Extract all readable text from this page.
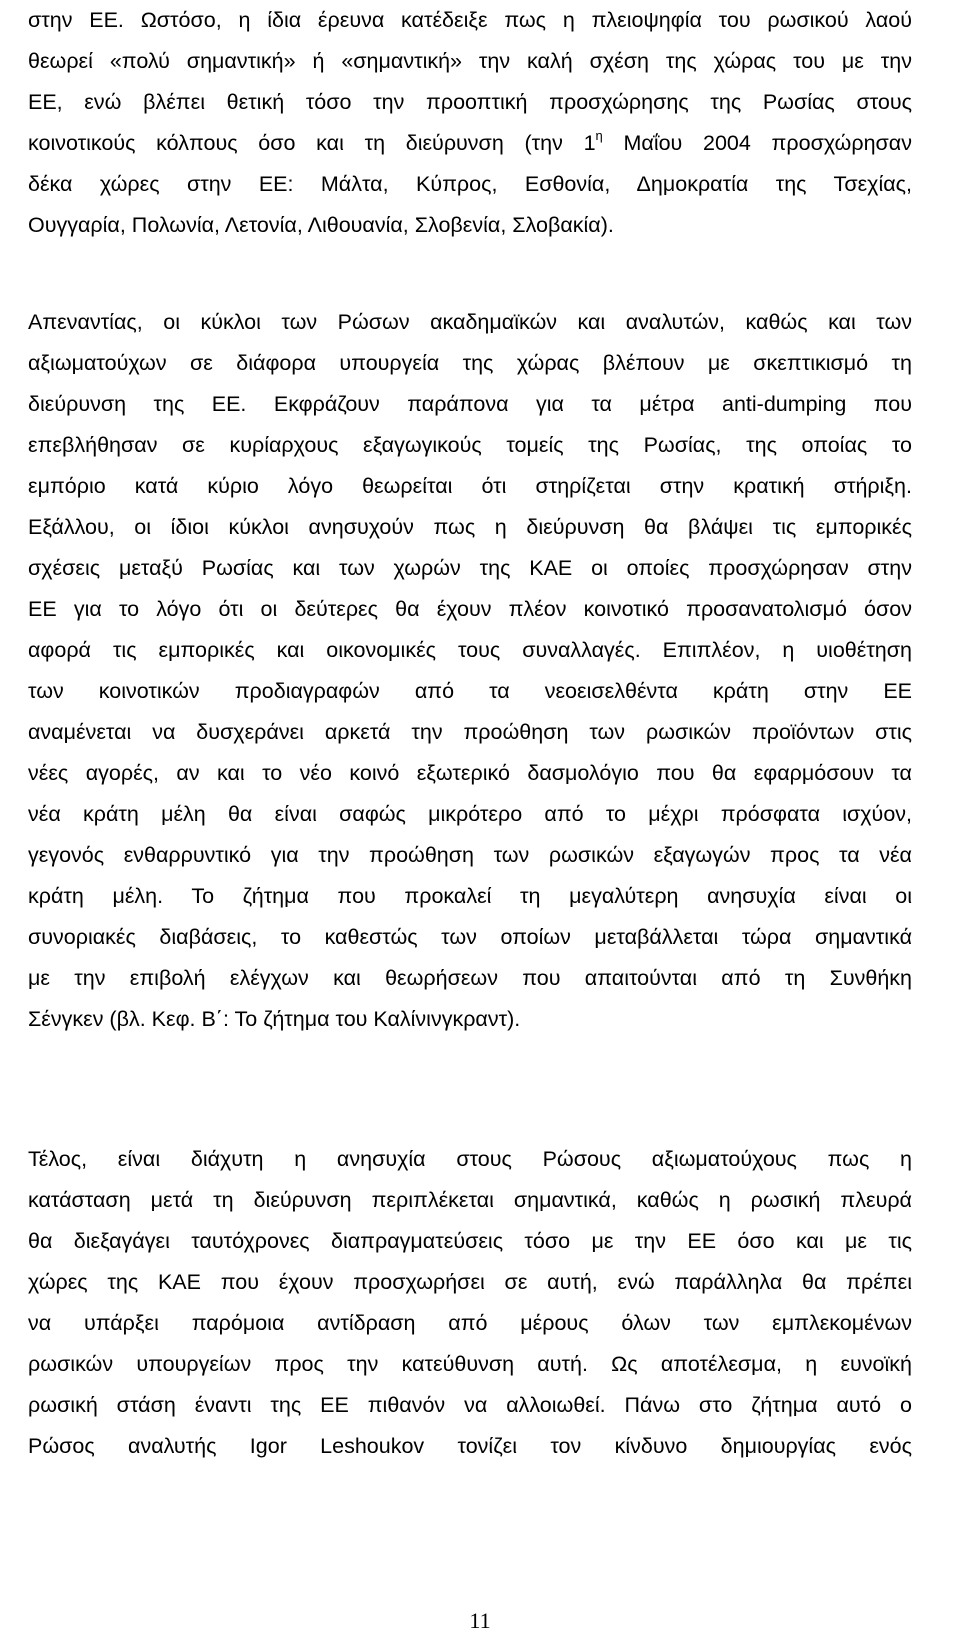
στην ΕΕ. Ωστόσο, η ίδια έρευνα κατέδειξε πως η πλειοψηφία του ρωσικού λαού
θεωρεί «πολύ σημαντική» ή «σημαντική» την καλή σχέση της χώρας του με την
ΕΕ, ενώ βλέπει θετική τόσο την προοπτική προσχώρησης της Ρωσίας στους
κοινοτικούς κόλπους όσο και τη διεύρυνση (την $1^\eta$ Μαΐου 2004 προσχώρησαν
δέκα χώρες στην ΕΕ: Μάλτα, Κύπρος, Εσθονία, Δημοκρατία της Τσεχίας,
Ουγγαρία, Πολωνία, Λετονία, Λιθουανία, Σλοβενία, Σλοβακία).
Απεναντίας, οι κύκλοι των Ρώσων ακαδημαϊκών και αναλυτών, καθώς και των
αξιωματούχων σε διάφορα υπουργεία της χώρας βλέπουν με σκεπτικισμό τη
διεύρυνση της ΕΕ. Εκφράζουν παράπονα για τα μέτρα anti-dumping που
επεβλήθησαν σε κυρίαρχους εξαγωγικούς τομείς της Ρωσίας, της οποίας το
εμπόριο κατά κύριο λόγο θεωρείται ότι στηρίζεται στην κρατική στήριξη.
Εξάλλου, οι ίδιοι κύκλοι ανησυχούν πως η διεύρυνση θα βλάψει τις εμπορικές
σχέσεις μεταξύ Ρωσίας και των χωρών της ΚΑΕ οι οποίες προσχώρησαν στην
ΕΕ για το λόγο ότι οι δεύτερες θα έχουν πλέον κοινοτικό προσανατολισμό όσον
αφορά τις εμπορικές και οικονομικές τους συναλλαγές. Επιπλέον, η υιοθέτηση
των κοινοτικών προδιαγραφών από τα νεοεισελθέντα κράτη στην ΕΕ
αναμένεται να δυσχεράνει αρκετά την προώθηση των ρωσικών προϊόντων στις
νέες αγορές, αν και το νέο κοινό εξωτερικό δασμολόγιο που θα εφαρμόσουν τα
νέα κράτη μέλη θα είναι σαφώς μικρότερο από το μέχρι πρόσφατα ισχύον,
γεγονός ενθαρρυντικό για την προώθηση των ρωσικών εξαγωγών προς τα νέα
κράτη μέλη. Το ζήτημα που προκαλεί τη μεγαλύτερη ανησυχία είναι οι
συνοριακές διαβάσεις, το καθεστώς των οποίων μεταβάλλεται τώρα σημαντικά
με την επιβολή ελέγχων και θεωρήσεων που απαιτούνται από τη Συνθήκη
Σένγκεν (βλ. Κεφ. Β΄: Το ζήτημα του Καλίνινγκραντ).
Τέλος, είναι διάχυτη η ανησυχία στους Ρώσους αξιωματούχους πως η
κατάσταση μετά τη διεύρυνση περιπλέκεται σημαντικά, καθώς η ρωσική πλευρά
θα διεξαγάγει ταυτόχρονες διαπραγματεύσεις τόσο με την ΕΕ όσο και με τις
χώρες της ΚΑΕ που έχουν προσχωρήσει σε αυτή, ενώ παράλληλα θα πρέπει
να υπάρξει παρόμοια αντίδραση από μέρους όλων των εμπλεκομένων
ρωσικών υπουργείων προς την κατεύθυνση αυτή. Ως αποτέλεσμα, η ευνοϊκή
ρωσική στάση έναντι της ΕΕ πιθανόν να αλλοιωθεί. Πάνω στο ζήτημα αυτό ο
Ρώσος αναλυτής Igor Leshoukov τονίζει τον κίνδυνο δημιουργίας ενός
11
